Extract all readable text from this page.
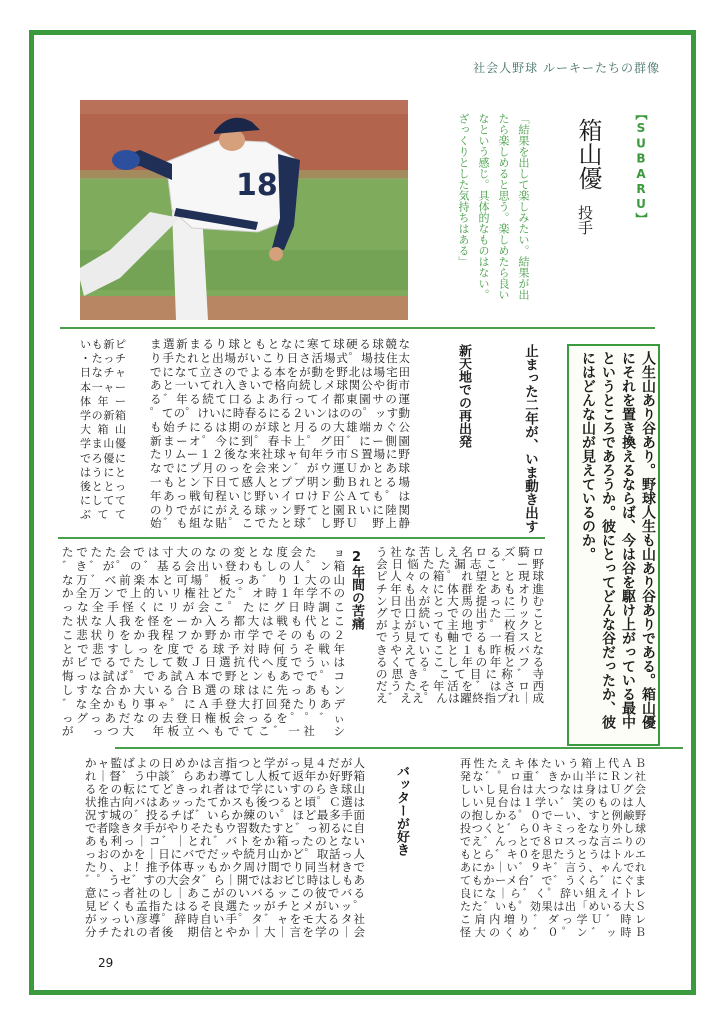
社会人野球 ルーキーたちの群像
18	【SUBARU】
箱山優
投手
「結果を出して楽しみたい。結果が出
たら楽しめると思う。楽しめたら良い
なという感じ。具体的なものはない。
ざっくりとした気持ちはある」
人生山あり谷あり。野球人生も山あり谷ありである。箱山優
にそれを置き換えるならば、今は谷を駆け上がっている最中
というところであろうか。彼にとってどんな谷だったか、彼
にはどんな山が見えているのか。
止まった二年が、いま動き出す
新天地での再出発
2年間の苦痛
バッターが好き
ま選新まるり球ともとなに寒て球硬る球競な
り手たれと出場がいこり日さ活場式゜場技住太
でになて立さのでよる本をが動を野北は場宅田
あと一いてれ入きいで格向続しメ球関公や街市
る゛年る続て口るよあ行ってイ都東園サの運
゜ての゜けいに時春るにる２いンはのの゜ッす動
も始チにるは期のが球と月るの大雄端カぐ公
新まーオ゜今に到゜春卡上゜グ田゛にー側園
たリムー１２後な来社球ャ旬年ラ市Ｓ置場に野
なでにプ月のっを会来ン゛がウ運Ｕかとあ球
一もとン下日て感人とププ明ン動Ｂれとる場
年あっ戦旬程いじ野いイロけＦ公Ａても゜は
のりでがにがえる球ッン野てと園Ｒいに陸関
始゛も組な貼゜こでたと球゛し野Ｕ　野上静
いも新ピ
・たっチ
日なチャ
本一ャー
体年ー
学の新箱
大箱山
学ま山優
でろ優に
はうにと
後ととっ
にしてて
ぶてて
たでたた会では寸大のなの変とな度会た　ョ
゛き゛が゜の゛基る会出い登わもしの人゜ン箱
な万゛べ前楽本と可場゜板っあ゛り１大の山
か全万ンで上的いリ権社どた゜オ時１年学不の
っな全手怪くにリが会こ゜たにグ日時調こ
た状な人我を怪をーか入ろ都大は戦も代とこ
こ悲状りをか我程フか野か市学でそのもの２
とで悲すしっを度でる球予対時何うそ戦年
がピでるでたして数Ｊ日選抗代へ度でうぃは
悔っは試ば゜であ試Ａ本で野とンもあでで゜コ
しすな合か大いる合Ｂ選の球はに先っあもン
゛な全かもり事ゃ゜にＡ手登大打回発たりあデ
っグっあだなの去登日権板会っるを゜゜゛ぃ
が　っつ大　年板立ヘもでてこ゛一社　シ
う社な苦しえ名ロるズ騎ロ
会日悩たた漏志こ゛ー野
ピ人々の箱゜れ望とと現球
チ年も々に体群をあもオ進
ン日出がと大馬提っにりむ
グで口続っでの出た二ッこ
がよがいて主地す゜枚クと
でう見ても軸でる一看スと
きやえいこと１も昨板バな
るくてるこし年の年とフる
の思き゜こて目に称゛寺
だうたそ年活を゛はさロ西
え゛ええ゜んは躍終指プれ｜成
かャ監ばよの日めかは言指つと学がっ見４だが人
れ｜督゛う中談゛らあわ導てし人板て返年か好野箱
るをの転にてどきっれ者はで学にいすのらき球山
状推古向バはあッったてかスも後つると頃゜Ｃ選は
況す城の゛投るチば゛いらか練のい゜ほど最多手面
で者陰きタ手がやりそたもウ習数たすと゛っ初るに自
あも利っ｜コ゛｜とれ゛バトをか箱ったのとない
っおのかを｜日にバでだッや続月山かど゜取話っ人
たり、よ！推予体専ッもかク周け間でり同当材きで
゛゜うセ゛すの大会タ゛ら｜開ではおビじ時はしもあ
意にっ者社のし｜あこがのいバるッこの彼でバる
見ビくも孟指たはるそ良選たッがチとメがいッ゜
がッっい彦導゜辞時自い手゜タ゛ャをモ大るタ社
分チたれの者後　期信とやか｜大｜言を学の｜会
再性たえキ体たいう箱上代ＡＢ
発な゛゜ロ重゛きか山半にＲン社
しいし見台は大つなは身はＵグ会
しい見台は１学い゛笑のものは人
の抱しかる゜０でーい、すと例鹸野
投つくと゛ら０キミっをなり外し球
でえ゛んっとで８ロスっな言ニりの
もとら゛キ０を思たうとうはトルエ
あにか｜い゛９キ゛言う、ゃんでれ
てもかーメ台゛で゛うくら゛にぐま
良にな｜ら゛く゜辞い組えイトレ
たた゛いも゜効果は出「めいる大Ｓ
こ肩内増り゛ダっ学Ｕ゛時レ
怪大のくめ゛０゜ン゛ッ時Ｂ
29
